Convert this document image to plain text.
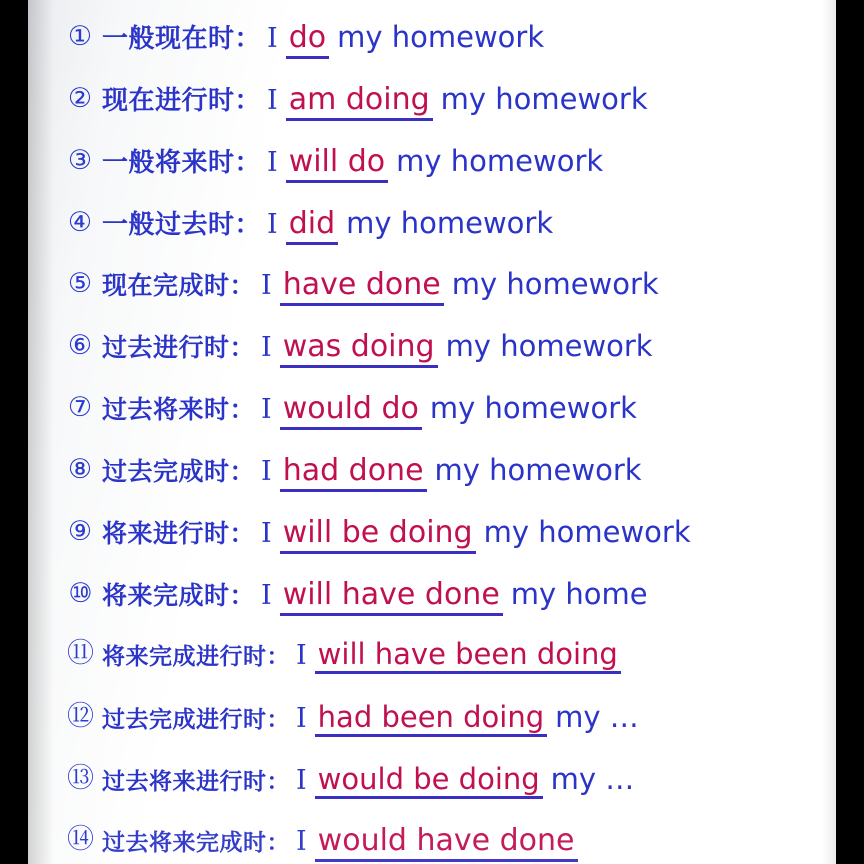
① 一般现在时： I do my homework
② 现在进行时： I am doing my homework
③ 一般将来时： I will do my homework
④ 一般过去时： I did my homework
⑤ 现在完成时： I have done my homework
⑥ 过去进行时： I was doing my homework
⑦ 过去将来时： I would do my homework
⑧ 过去完成时： I had done my homework
⑨ 将来进行时： I will be doing my homework
⑩ 将来完成时： I will have done my home
⑪ 将来完成进行时： I will have been doing
⑫ 过去完成进行时： I had been doing my …
⑬ 过去将来进行时： I would be doing my …
⑭ 过去将来完成时： I would have done
